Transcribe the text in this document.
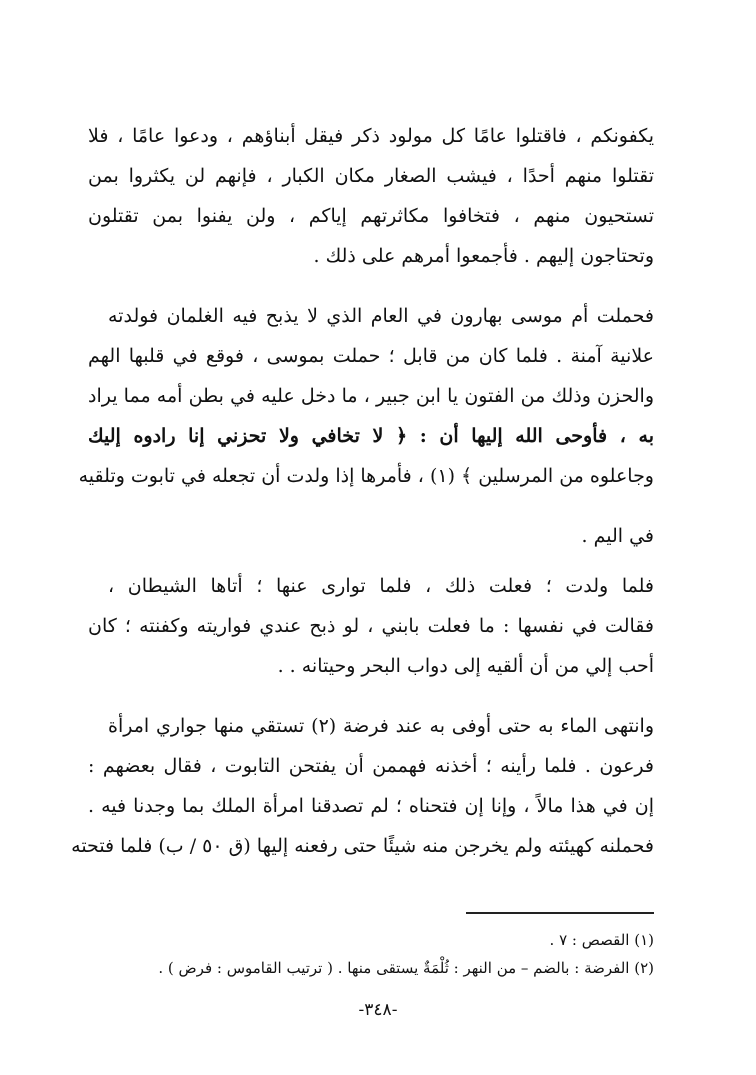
يكفونكم ، فاقتلوا عامًا كل مولود ذكر فيقل أبناؤهم ، ودعوا عامًا ، فلا
تقتلوا منهم أحدًا ، فيشب الصغار مكان الكبار ، فإنهم لن يكثروا بمن
تستحيون منهم ، فتخافوا مكاثرتهم إياكم ، ولن يفنوا بمن تقتلون
وتحتاجون إليهم . فأجمعوا أمرهم على ذلك .
فحملت أم موسى بهارون في العام الذي لا يذبح فيه الغلمان فولدته
علانية آمنة . فلما كان من قابل ؛ حملت بموسى ، فوقع في قلبها الهم
والحزن وذلك من الفتون يا ابن جبير ، ما دخل عليه في بطن أمه مما يراد
به ، فأوحى الله إليها أن : ﴿ لا تخافي ولا تحزني إنا رادوه إليك
وجاعلوه من المرسلين ﴾ (١) ، فأمرها إذا ولدت أن تجعله في تابوت وتلقيه
في اليم .
فلما ولدت ؛ فعلت ذلك ، فلما توارى عنها ؛ أتاها الشيطان ،
فقالت في نفسها : ما فعلت بابني ، لو ذبح عندي فواريته وكفنته ؛ كان
أحب إلي من أن ألقيه إلى دواب البحر وحيتانه . .
وانتهى الماء به حتى أوفى به عند فرضة (٢) تستقي منها جواري امرأة
فرعون . فلما رأينه ؛ أخذنه فهممن أن يفتحن التابوت ، فقال بعضهم :
إن في هذا مالاً ، وإنا إن فتحناه ؛ لم تصدقنا امرأة الملك بما وجدنا فيه .
فحملنه كهيئته ولم يخرجن منه شيئًا حتى رفعنه إليها (ق ٥٠ / ب) فلما فتحته
(١) القصص : ٧ .
(٢) الفرضة : بالضم – من النهر : ثُلْمَةٌ يستقى منها . ( ترتيب القاموس : فرض ) .
-٣٤٨-
